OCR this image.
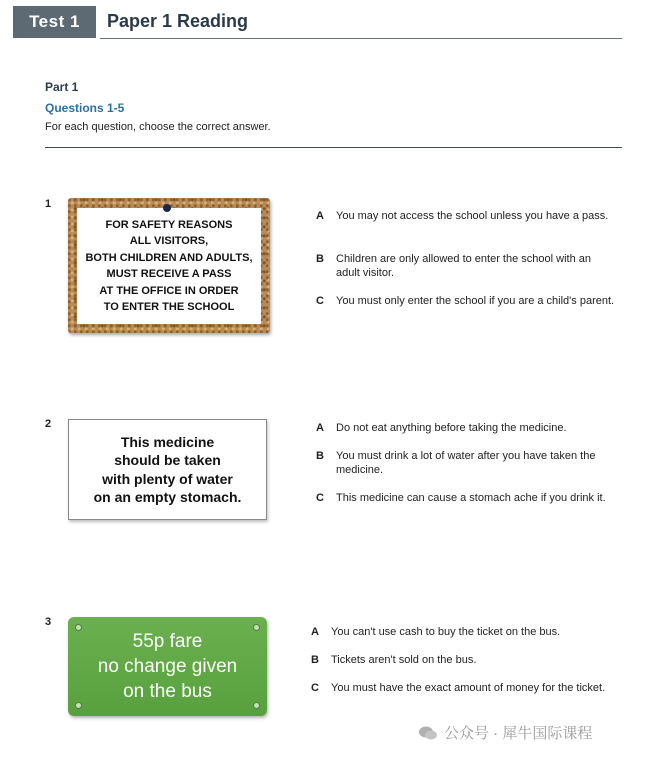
Test 1	Paper 1 Reading
Part 1
Questions 1-5
For each question, choose the correct answer.
1
FOR SAFETY REASONS
ALL VISITORS,
BOTH CHILDREN AND ADULTS,
MUST RECEIVE A PASS
AT THE OFFICE IN ORDER
TO ENTER THE SCHOOL
A	You may not access the school unless you have a pass.
B	Children are only allowed to enter the school with an adult visitor.
C	You must only enter the school if you are a child's parent.
2
This medicine
should be taken
with plenty of water
on an empty stomach.
A	Do not eat anything before taking the medicine.
B	You must drink a lot of water after you have taken the medicine.
C	This medicine can cause a stomach ache if you drink it.
3
55p fare
no change given
on the bus
A	You can't use cash to buy the ticket on the bus.
B	Tickets aren't sold on the bus.
C	You must have the exact amount of money for the ticket.
公众号 · 犀牛国际课程
